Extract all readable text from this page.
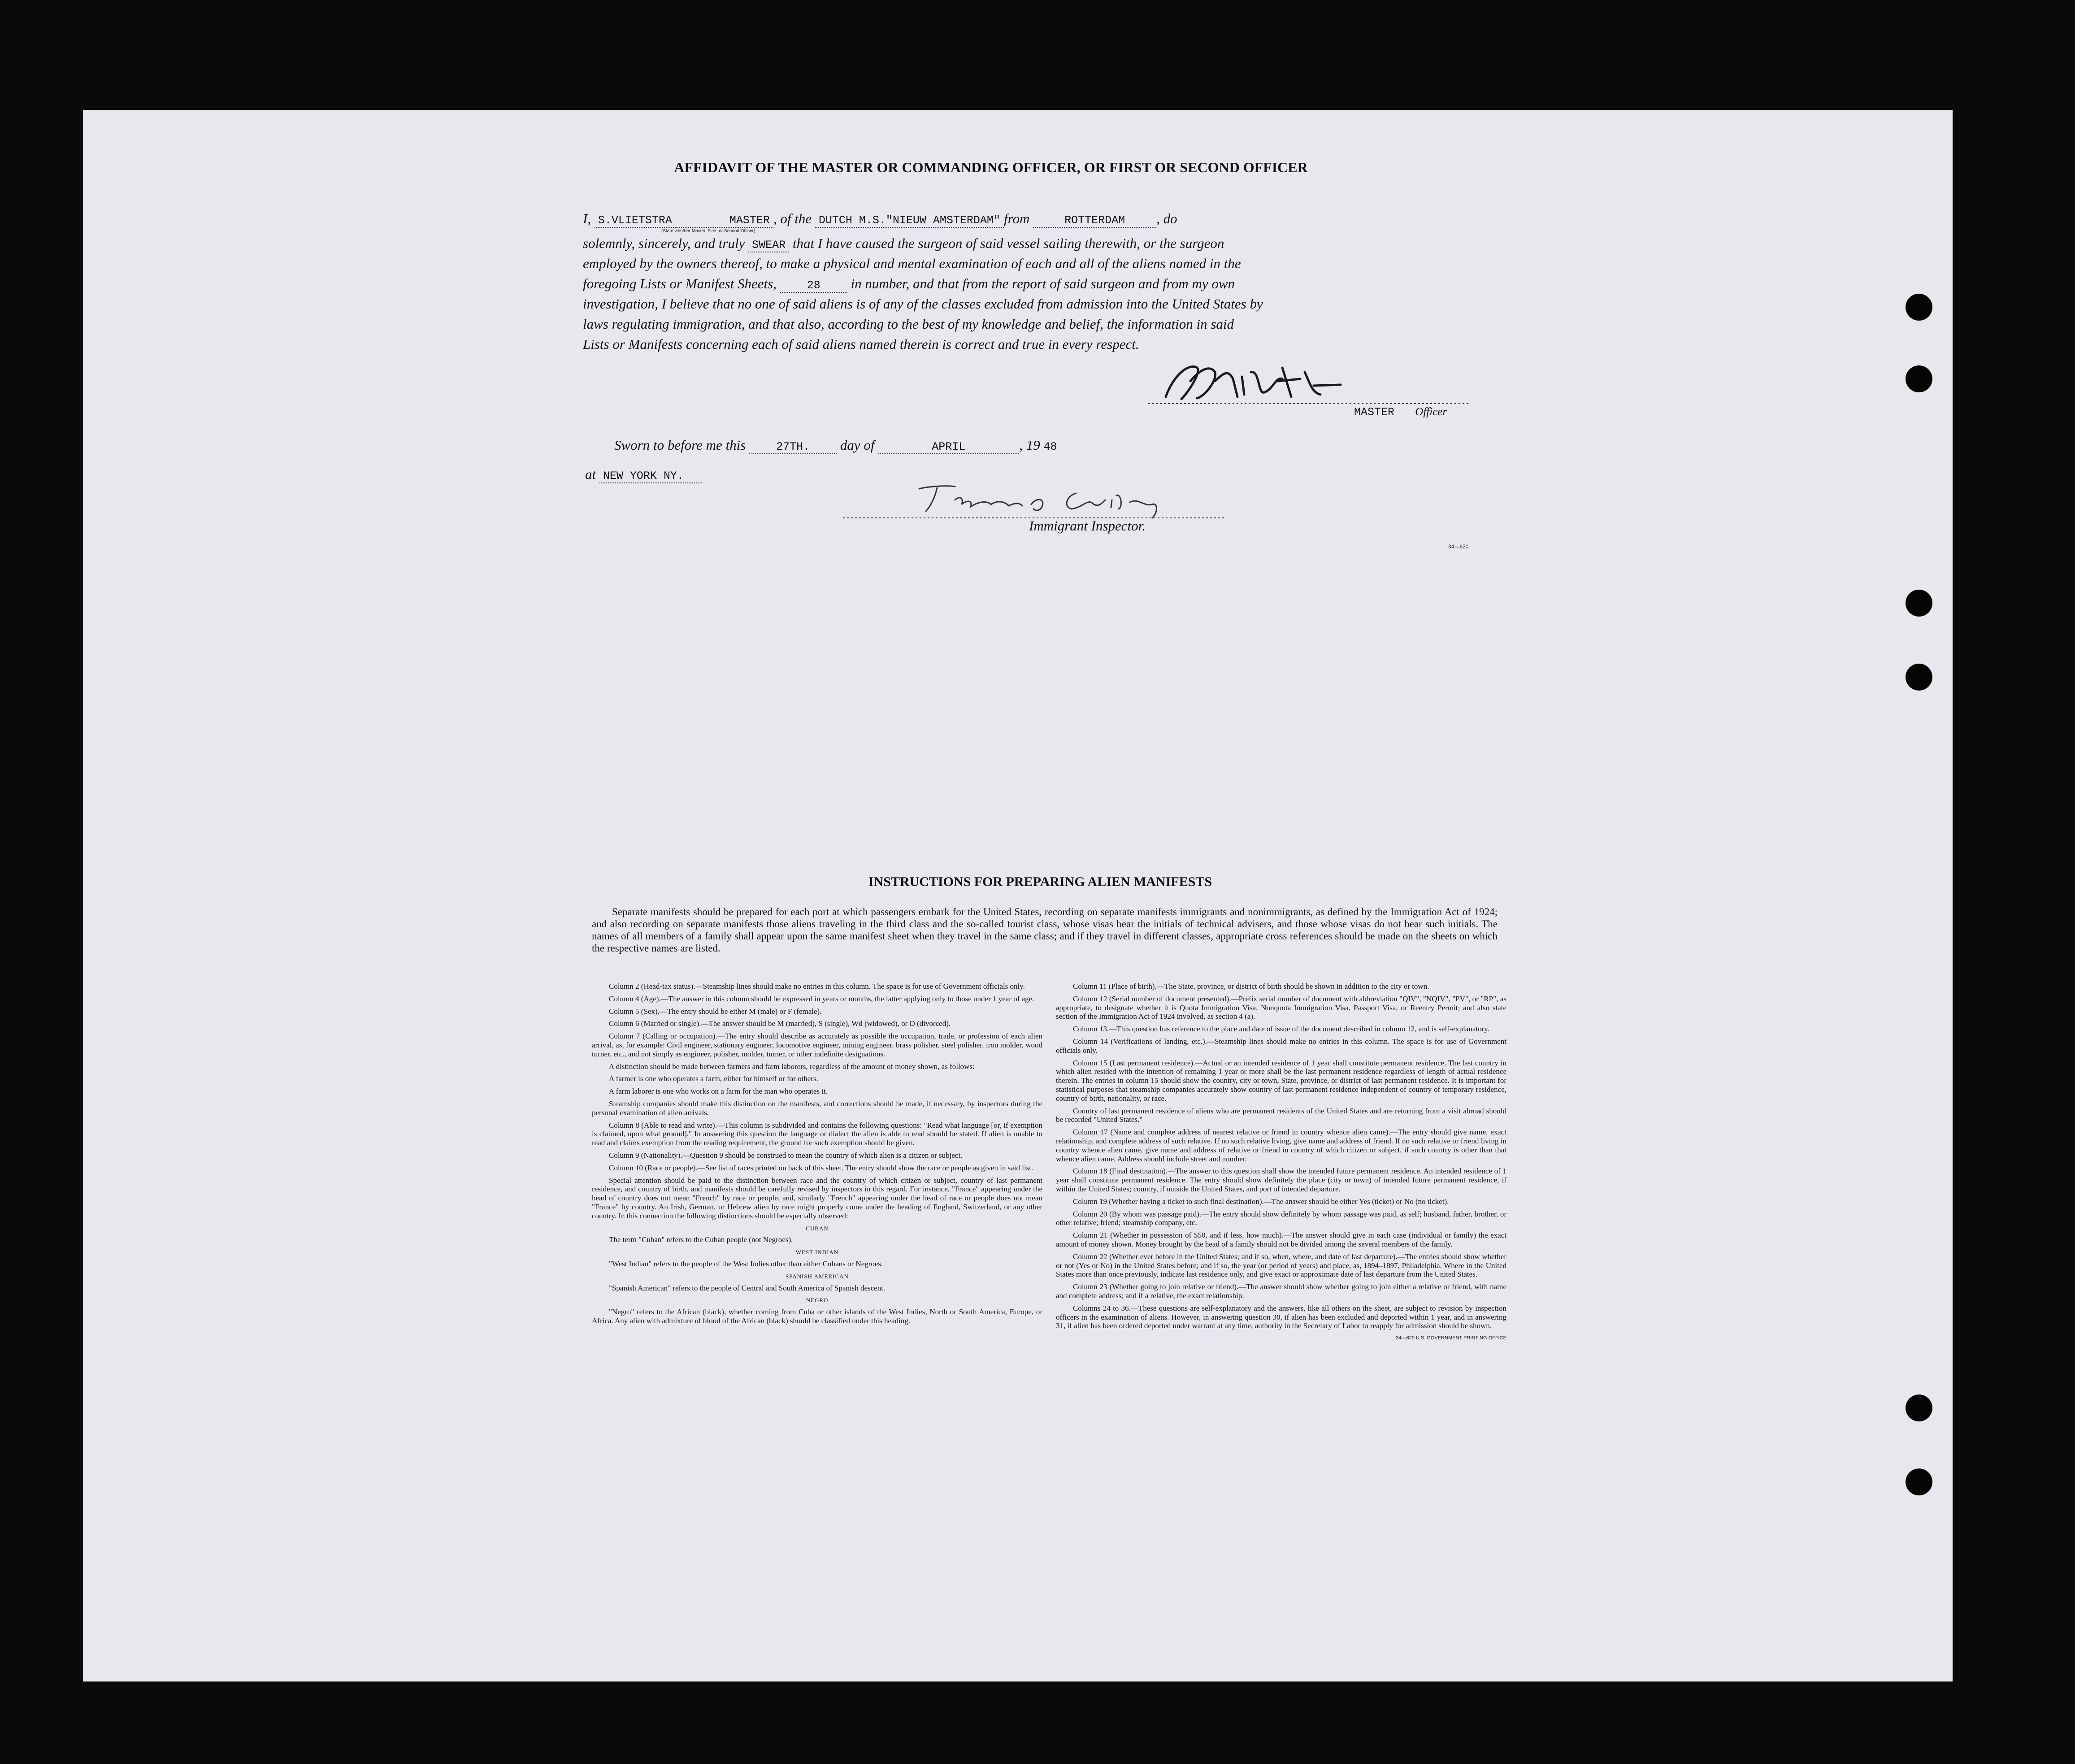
AFFIDAVIT OF THE MASTER OR COMMANDING OFFICER, OR FIRST OR SECOND OFFICER
I, S.VLIETSTRA	MASTER , of the DUTCH M.S."NIEUW AMSTERDAM" from	ROTTERDAM , do
(State whether Master, First, or Second Officer)
solemnly, sincerely, and truly SWEAR that I have caused the surgeon of said vessel sailing therewith, or the surgeon
employed by the owners thereof, to make a physical and mental examination of each and all of the aliens named in the
foregoing Lists or Manifest Sheets,	28 in number, and that from the report of said surgeon and from my own
investigation, I believe that no one of said aliens is of any of the classes excluded from admission into the United States by
laws regulating immigration, and that also, according to the best of my knowledge and belief, the information in said
Lists or Manifests concerning each of said aliens named therein is correct and true in every respect.
MASTER Officer
Sworn to before me this	27TH. day of	APRIL	, 19 48
at NEW YORK NY.
Immigrant Inspector.
34—620
INSTRUCTIONS FOR PREPARING ALIEN MANIFESTS

Separate manifests should be prepared for each port at which passengers embark for the United States, recording on separate manifests immigrants and nonimmigrants, as defined by the Immigration Act of 1924; and also recording on separate manifests those aliens traveling in the third class and the so-called tourist class, whose visas bear the initials of technical advisers, and those whose visas do not bear such initials. The names of all members of a family shall appear upon the same manifest sheet when they travel in the same class; and if they travel in different classes, appropriate cross references should be made on the sheets on which the respective names are listed.

Column 2 (Head-tax status).—Steamship lines should make no entries in this column. The space is for use of Government officials only.

Column 4 (Age).—The answer in this column should be expressed in years or months, the latter applying only to those under 1 year of age.

Column 5 (Sex).—The entry should be either M (male) or F (female).

Column 6 (Married or single).—The answer should be M (married), S (single), Wd (widowed), or D (divorced).

Column 7 (Calling or occupation).—The entry should describe as accurately as possible the occupation, trade, or profession of each alien arrival, as, for example: Civil engineer, stationary engineer, locomotive engineer, mining engineer, brass polisher, steel polisher, iron molder, wood turner, etc., and not simply as engineer, polisher, molder, turner, or other indefinite designations.

A distinction should be made between farmers and farm laborers, regardless of the amount of money shown, as follows:

A farmer is one who operates a farm, either for himself or for others.

A farm laborer is one who works on a farm for the man who operates it.

Steamship companies should make this distinction on the manifests, and corrections should be made, if necessary, by inspectors during the personal examination of alien arrivals.

Column 8 (Able to read and write).—This column is subdivided and contains the following questions: "Read what language [or, if exemption is claimed, upon what ground]." In answering this question the language or dialect the alien is able to read should be stated. If alien is unable to read and claims exemption from the reading requirement, the ground for such exemption should be given.

Column 9 (Nationality).—Question 9 should be construed to mean the country of which alien is a citizen or subject.

Column 10 (Race or people).—See list of races printed on back of this sheet. The entry should show the race or people as given in said list.

Special attention should be paid to the distinction between race and the country of which citizen or subject, country of last permanent residence, and country of birth, and manifests should be carefully revised by inspectors in this regard. For instance, "France" appearing under the head of country does not mean "French" by race or people, and, similarly "French" appearing under the head of race or people does not mean "France" by country. An Irish, German, or Hebrew alien by race might properly come under the heading of England, Switzerland, or any other country. In this connection the following distinctions should be especially observed:

CUBAN

The term "Cuban" refers to the Cuban people (not Negroes).

WEST INDIAN

"West Indian" refers to the people of the West Indies other than either Cubans or Negroes.

SPANISH AMERICAN

"Spanish American" refers to the people of Central and South America of Spanish descent.

NEGRO

"Negro" refers to the African (black), whether coming from Cuba or other islands of the West Indies, North or South America, Europe, or Africa. Any alien with admixture of blood of the African (black) should be classified under this heading.

Column 11 (Place of birth).—The State, province, or district of birth should be shown in addition to the city or town.

Column 12 (Serial number of document presented).—Prefix serial number of document with abbreviation "QIV", "NQIV", "PV", or "RP", as appropriate, to designate whether it is Quota Immigration Visa, Nonquota Immigration Visa, Passport Visa, or Reentry Permit; and also state section of the Immigration Act of 1924 involved, as section 4 (a).

Column 13.—This question has reference to the place and date of issue of the document described in column 12, and is self-explanatory.

Column 14 (Verifications of landing, etc.).—Steamship lines should make no entries in this column. The space is for use of Government officials only.

Column 15 (Last permanent residence).—Actual or an intended residence of 1 year shall constitute permanent residence. The last country in which alien resided with the intention of remaining 1 year or more shall be the last permanent residence regardless of length of actual residence therein. The entries in column 15 should show the country, city or town, State, province, or district of last permanent residence. It is important for statistical purposes that steamship companies accurately show country of last permanent residence independent of country of temporary residence, country of birth, nationality, or race.

Country of last permanent residence of aliens who are permanent residents of the United States and are returning from a visit abroad should be recorded "United States."

Column 17 (Name and complete address of nearest relative or friend in country whence alien came).—The entry should give name, exact relationship, and complete address of such relative. If no such relative living, give name and address of friend. If no such relative or friend living in country whence alien came, give name and address of relative or friend in country of which citizen or subject, if such country is other than that whence alien came. Address should include street and number.

Column 18 (Final destination).—The answer to this question shall show the intended future permanent residence. An intended residence of 1 year shall constitute permanent residence. The entry should show definitely the place (city or town) of intended future permanent residence, if within the United States; country, if outside the United States, and port of intended departure.

Column 19 (Whether having a ticket to such final destination).—The answer should be either Yes (ticket) or No (no ticket).

Column 20 (By whom was passage paid).—The entry should show definitely by whom passage was paid, as self; husband, father, brother, or other relative; friend; steamship company, etc.

Column 21 (Whether in possession of $50, and if less, how much).—The answer should give in each case (individual or family) the exact amount of money shown. Money brought by the head of a family should not be divided among the several members of the family.

Column 22 (Whether ever before in the United States; and if so, when, where, and date of last departure).—The entries should show whether or not (Yes or No) in the United States before; and if so, the year (or period of years) and place, as, 1894–1897, Philadelphia. Where in the United States more than once previously, indicate last residence only, and give exact or approximate date of last departure from the United States.

Column 23 (Whether going to join relative or friend).—The answer should show whether going to join either a relative or friend, with name and complete address; and if a relative, the exact relationship.

Columns 24 to 36.—These questions are self-explanatory and the answers, like all others on the sheet, are subject to revision by inspection officers in the examination of aliens. However, in answering question 30, if alien has been excluded and deported within 1 year, and in answering 31, if alien has been ordered deported under warrant at any time, authority in the Secretary of Labor to reapply for admission should be shown.

34—620 U.S. GOVERNMENT PRINTING OFFICE
